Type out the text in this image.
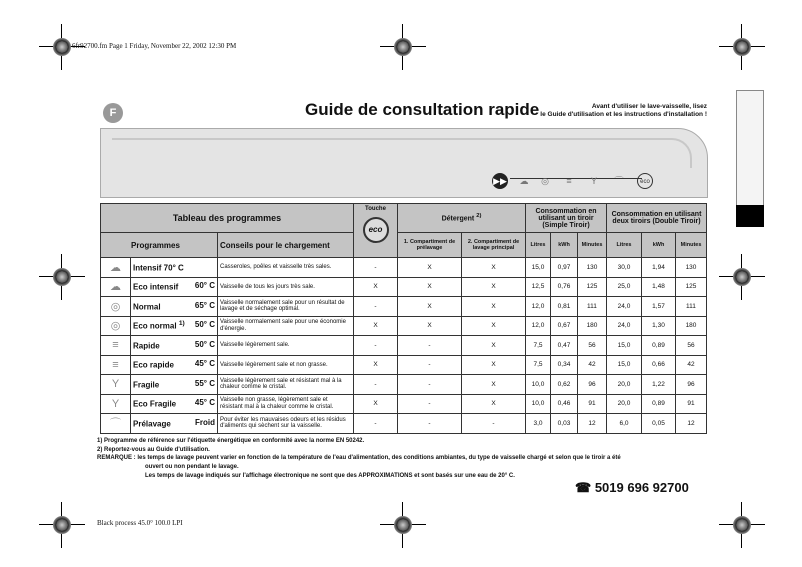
6fr92700.fm Page 1 Friday, November 22, 2002 12:30 PM
Black process 45.0° 100.0 LPI
F	Guide de consultation rapide	Avant d'utiliser le lave-vaisselle, lisez
le Guide d'utilisation et les instructions d'installation !
▶▶	☁	◎	≡	Y	⌒	eco
Tableau des programmes			Touche
eco	Détergent $^{2)}$		Consommation en utilisant un tiroir (Simple Tiroir)			Consommation en utilisant deux tiroirs (Double Tiroir)		
Programmes		Conseils pour le chargement		1. Compartiment de prélavage	2. Compartiment de lavage principal	Litres	kWh	Minutes	Litres	kWh	Minutes
☁	Intensif 70° C	Casseroles, poêles et vaisselle très sales.	-	X	X	15,0	0,97	130	30,0	1,94	130
☁	Eco intensif 60° C	Vaisselle de tous les jours très sale.	X	X	X	12,5	0,76	125	25,0	1,48	125
◎	Normal 65° C	Vaisselle normalement sale pour un résultat de lavage et de séchage optimal.	-	X	X	12,0	0,81	111	24,0	1,57	111
◎	Eco normal $^{1)}$ 50° C	Vaisselle normalement sale pour une économie d'énergie.	X	X	X	12,0	0,67	180	24,0	1,30	180
≡	Rapide 50° C	Vaisselle légèrement sale.	-	-	X	7,5	0,47	56	15,0	0,89	56
≡	Eco rapide 45° C	Vaisselle légèrement sale et non grasse.	X	-	X	7,5	0,34	42	15,0	0,66	42
Y	Fragile 55° C	Vaisselle légèrement sale et résistant mal à la chaleur comme le cristal.	-	-	X	10,0	0,62	96	20,0	1,22	96
Y	Eco Fragile 45° C	Vaisselle non grasse, légèrement sale et résistant mal à la chaleur comme le cristal.	X	-	X	10,0	0,46	91	20,0	0,89	91
⌒	Prélavage Froid	Pour éviter les mauvaises odeurs et les résidus d'aliments qui sèchent sur la vaisselle.	-	-	-	3,0	0,03	12	6,0	0,05	12
1) Programme de référence sur l'étiquette énergétique en conformité avec la norme EN 50242.
2) Reportez-vous au Guide d'utilisation.
REMARQUE : les temps de lavage peuvent varier en fonction de la température de l'eau d'alimentation, des conditions ambiantes, du type de vaisselle chargé et selon que le tiroir a été
ouvert ou non pendant le lavage.
Les temps de lavage indiqués sur l'affichage électronique ne sont que des APPROXIMATIONS et sont basés sur une eau de 20° C.
☎ 5019 696 92700
